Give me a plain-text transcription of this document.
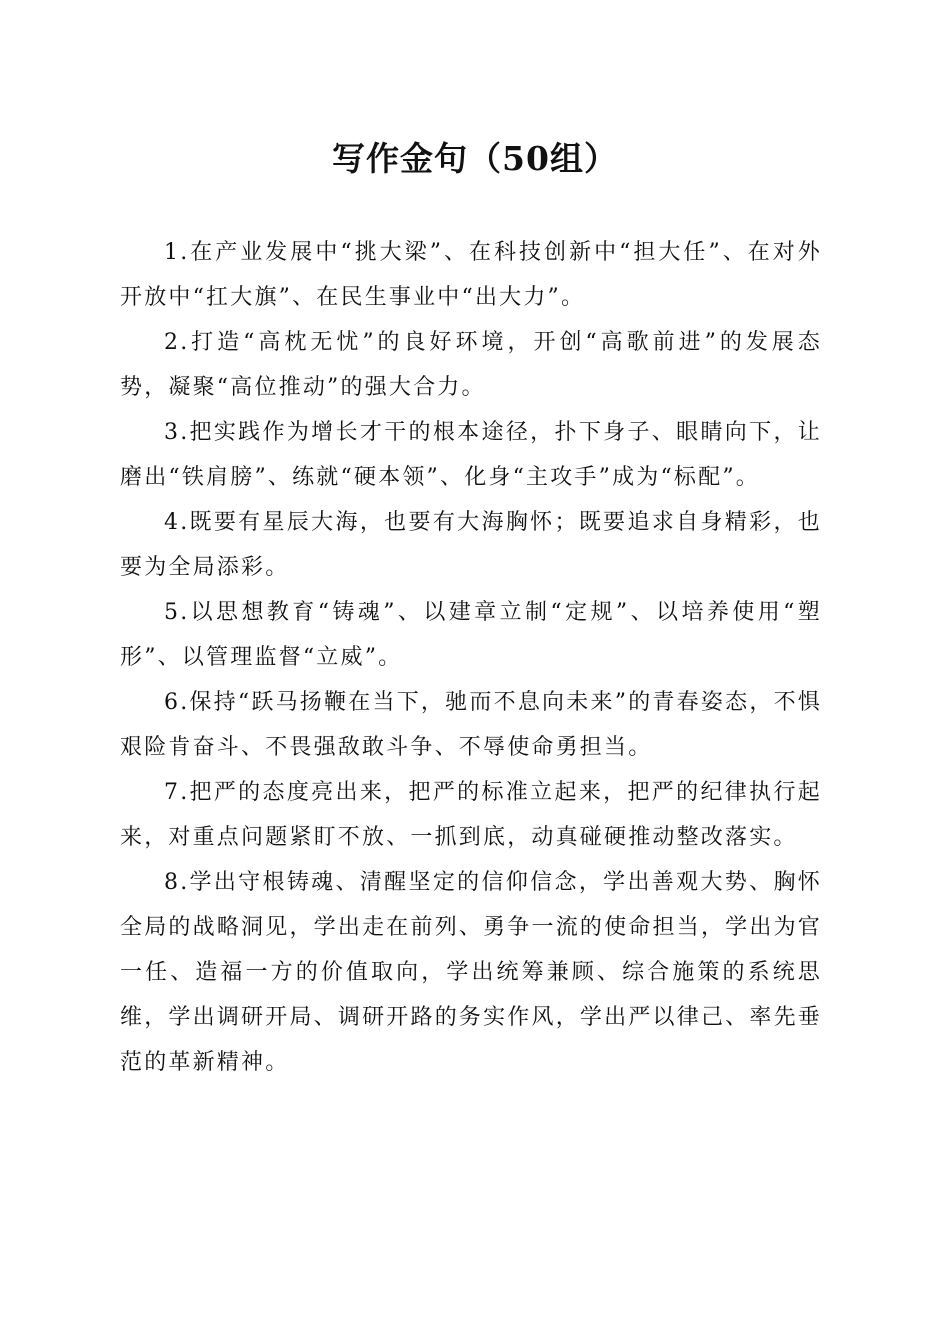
写作金句（50组）

1.在产业发展中“挑大梁”、在科技创新中“担大任”、在对外开放中“扛大旗”、在民生事业中“出大力”。

2.打造“高枕无忧”的良好环境，开创“高歌前进”的发展态势，凝聚“高位推动”的强大合力。

3.把实践作为增长才干的根本途径，扑下身子、眼睛向下，让磨出“铁肩膀”、练就“硬本领”、化身“主攻手”成为“标配”。

4.既要有星辰大海，也要有大海胸怀；既要追求自身精彩，也要为全局添彩。

5.以思想教育“铸魂”、以建章立制“定规”、以培养使用“塑形”、以管理监督“立威”。

6.保持“跃马扬鞭在当下，驰而不息向未来”的青春姿态，不惧艰险肯奋斗、不畏强敌敢斗争、不辱使命勇担当。

7.把严的态度亮出来，把严的标准立起来，把严的纪律执行起来，对重点问题紧盯不放、一抓到底，动真碰硬推动整改落实。

8.学出守根铸魂、清醒坚定的信仰信念，学出善观大势、胸怀全局的战略洞见，学出走在前列、勇争一流的使命担当，学出为官一任、造福一方的价值取向，学出统筹兼顾、综合施策的系统思维，学出调研开局、调研开路的务实作风，学出严以律己、率先垂范的革新精神。
